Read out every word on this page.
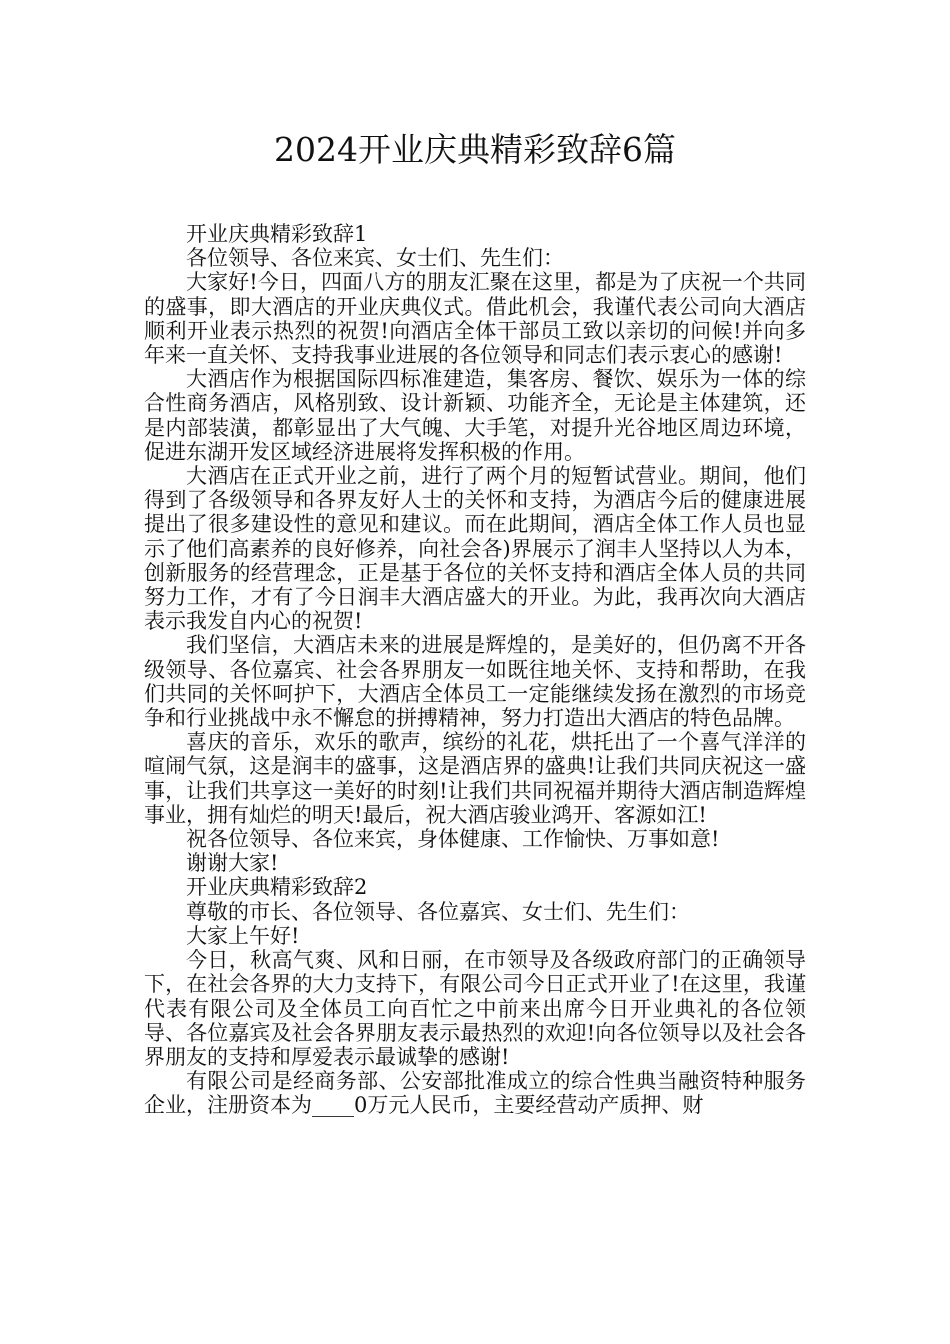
2024开业庆典精彩致辞6篇

开业庆典精彩致辞1

各位领导、各位来宾、女士们、先生们：

大家好!今日，四面八方的朋友汇聚在这里，都是为了庆祝一个共同的盛事，即大酒店的开业庆典仪式。借此机会，我谨代表公司向大酒店顺利开业表示热烈的祝贺!向酒店全体干部员工致以亲切的问候!并向多年来一直关怀、支持我事业进展的各位领导和同志们表示衷心的感谢!

大酒店作为根据国际四标准建造，集客房、餐饮、娱乐为一体的综合性商务酒店，风格别致、设计新颖、功能齐全，无论是主体建筑，还是内部装潢，都彰显出了大气魄、大手笔，对提升光谷地区周边环境，促进东湖开发区域经济进展将发挥积极的作用。

大酒店在正式开业之前，进行了两个月的短暂试营业。期间，他们得到了各级领导和各界友好人士的关怀和支持，为酒店今后的健康进展提出了很多建设性的意见和建议。而在此期间，酒店全体工作人员也显示了他们高素养的良好修养，向社会各)界展示了润丰人坚持以人为本，创新服务的经营理念，正是基于各位的关怀支持和酒店全体人员的共同努力工作，才有了今日润丰大酒店盛大的开业。为此，我再次向大酒店表示我发自内心的祝贺!

我们坚信，大酒店未来的进展是辉煌的，是美好的，但仍离不开各级领导、各位嘉宾、社会各界朋友一如既往地关怀、支持和帮助，在我们共同的关怀呵护下，大酒店全体员工一定能继续发扬在激烈的市场竞争和行业挑战中永不懈怠的拼搏精神，努力打造出大酒店的特色品牌。

喜庆的音乐，欢乐的歌声，缤纷的礼花，烘托出了一个喜气洋洋的喧闹气氛，这是润丰的盛事，这是酒店界的盛典!让我们共同庆祝这一盛事，让我们共享这一美好的时刻!让我们共同祝福并期待大酒店制造辉煌事业，拥有灿烂的明天!最后，祝大酒店骏业鸿开、客源如江!

祝各位领导、各位来宾，身体健康、工作愉快、万事如意!

谢谢大家!

开业庆典精彩致辞2

尊敬的市长、各位领导、各位嘉宾、女士们、先生们：

大家上午好!

今日，秋高气爽、风和日丽，在市领导及各级政府部门的正确领导下，在社会各界的大力支持下，有限公司今日正式开业了!在这里，我谨代表有限公司及全体员工向百忙之中前来出席今日开业典礼的各位领导、各位嘉宾及社会各界朋友表示最热烈的欢迎!向各位领导以及社会各界朋友的支持和厚爱表示最诚挚的感谢!

有限公司是经商务部、公安部批准成立的综合性典当融资特种服务企业，注册资本为____0万元人民币，主要经营动产质押、财
